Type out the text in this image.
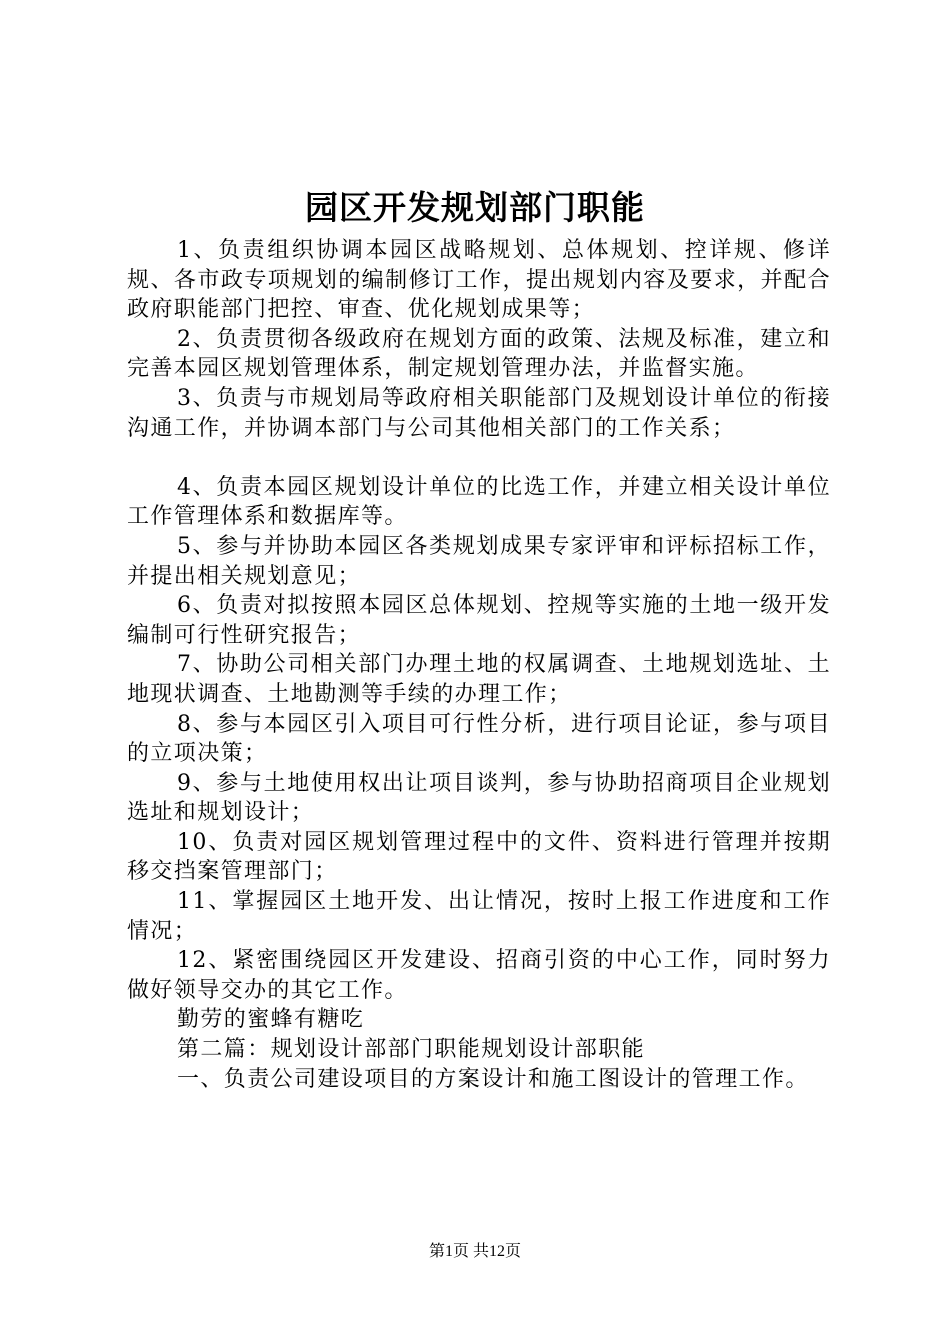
园区开发规划部门职能

1、负责组织协调本园区战略规划、总体规划、控详规、修详规、各市政专项规划的编制修订工作，提出规划内容及要求，并配合政府职能部门把控、审查、优化规划成果等；

2、负责贯彻各级政府在规划方面的政策、法规及标准，建立和完善本园区规划管理体系，制定规划管理办法，并监督实施。

3、负责与市规划局等政府相关职能部门及规划设计单位的衔接沟通工作，并协调本部门与公司其他相关部门的工作关系；

4、负责本园区规划设计单位的比选工作，并建立相关设计单位工作管理体系和数据库等。

5、参与并协助本园区各类规划成果专家评审和评标招标工作，并提出相关规划意见；

6、负责对拟按照本园区总体规划、控规等实施的土地一级开发编制可行性研究报告；

7、协助公司相关部门办理土地的权属调查、土地规划选址、土地现状调查、土地勘测等手续的办理工作；

8、参与本园区引入项目可行性分析，进行项目论证，参与项目的立项决策；

9、参与土地使用权出让项目谈判，参与协助招商项目企业规划选址和规划设计；

10、负责对园区规划管理过程中的文件、资料进行管理并按期移交挡案管理部门；

11、掌握园区土地开发、出让情况，按时上报工作进度和工作情况；

12、紧密围绕园区开发建设、招商引资的中心工作，同时努力做好领导交办的其它工作。

勤劳的蜜蜂有糖吃

第二篇：规划设计部部门职能规划设计部职能

一、负责公司建设项目的方案设计和施工图设计的管理工作。

第1页 共12页
